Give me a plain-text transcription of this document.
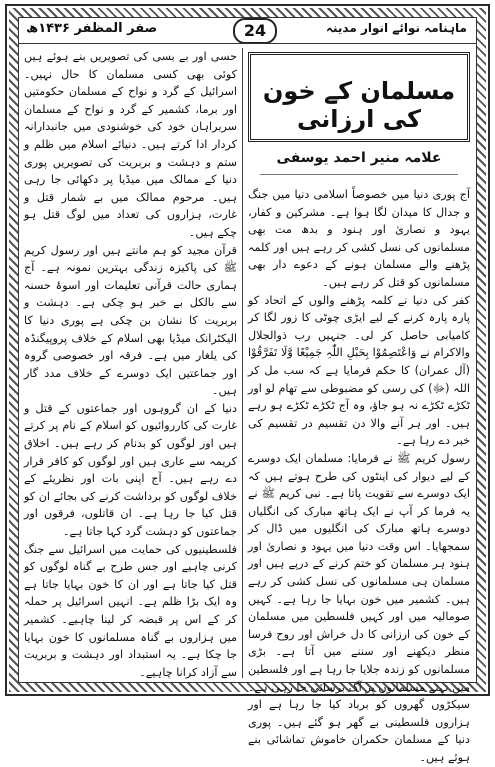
صفر المظفر ۱۴۳۶ھ	24	ماہنامہ نوائے انوار مدینہ
مسلمان کے خون کی ارزانی
علامہ منیر احمد یوسفی

آج پوری دنیا میں خصوصاً اسلامی دنیا میں جنگ و جدال کا میدان لگا ہوا ہے۔ مشرکین و کفار، یہود و نصاریٰ اور ہنود و بدھ مت بھی مسلمانوں کی نسل کشی کر رہے ہیں اور کلمہ پڑھنے والے مسلمان ہونے کے دعوے دار بھی مسلمانوں کو قتل کر رہے ہیں۔

کفر کی دنیا نے کلمہ پڑھنے والوں کے اتحاد کو پارہ پارہ کرنے کے لیے ایڑی چوٹی کا زور لگا کر کامیابی حاصل کر لی۔ جنہیں رب ذوالجلال والاکرام نے وَاعْتَصِمُوْا بِحَبْلِ اللّٰہِ جَمِیْعًا وَّلَا تَفَرَّقُوْا (آل عمران) کا حکم فرمایا ہے کہ سب مل کر اللہ (ﷻ) کی رسی کو مضبوطی سے تھام لو اور ٹکڑے ٹکڑے نہ ہو جاؤ، وہ آج ٹکڑے ٹکڑے ہو رہے ہیں۔ اور ہر آنے والا دن تقسیم در تقسیم کی خبر دے رہا ہے۔

رسول کریم ﷺ نے فرمایا: مسلمان ایک دوسرے کے لیے دیوار کی اینٹوں کی طرح ہوتے ہیں کہ ایک دوسرے سے تقویت پاتا ہے۔ نبی کریم ﷺ نے یہ فرما کر آپ نے ایک ہاتھ مبارک کی انگلیاں دوسرے ہاتھ مبارک کی انگلیوں میں ڈال کر سمجھایا۔ اس وقت دنیا میں یہود و نصاریٰ اور ہنود ہر مسلمان کو ختم کرنے کے درپے ہیں اور مسلمان ہی مسلمانوں کی نسل کشی کر رہے ہیں۔ کشمیر میں خون بہایا جا رہا ہے۔ کہیں صومالیہ میں اور کہیں فلسطین میں مسلمان کے خون کی ارزانی کا دل خراش اور روح فرسا منظر دیکھنے اور سننے میں آتا ہے۔ بڑی مسلمانوں کو زندہ جلایا جا رہا ہے اور فلسطین میں نہتے مسلمانوں پر آگ برسائی جا رہی ہے۔ سیکڑوں گھروں کو برباد کیا جا رہا ہے اور ہزاروں فلسطینی بے گھر ہو گئے ہیں۔ پوری دنیا کے مسلمان حکمران خاموش تماشائی بنے ہوئے ہیں۔

حسی اور بے بسی کی تصویریں بنے ہوئے ہیں کوئی بھی کسی مسلمان کا حال نہیں۔ اسرائیل کے گرد و نواح کے مسلمان حکومتیں اور برما، کشمیر کے گرد و نواح کے مسلمان سربراہان خود کی خوشنودی میں جانبدارانہ کردار ادا کرتے ہیں۔ دنیائے اسلام میں ظلم و ستم و دہشت و بربریت کی تصویریں پوری دنیا کے ممالک میں میڈیا پر دکھائی جا رہی ہیں۔ مرحوم ممالک میں بے شمار قتل و غارت، ہزاروں کی تعداد میں لوگ قتل ہو چکے ہیں۔

قرآن مجید کو ہم مانتے ہیں اور رسول کریم ﷺ کی پاکیزہ زندگی بہترین نمونہ ہے۔ آج ہماری حالت قرآنی تعلیمات اور اسوۂ حسنہ سے بالکل بے خبر ہو چکی ہے۔ دہشت و بربریت کا نشان بن چکی ہے پوری دنیا کا الیکٹرانک میڈیا بھی اسلام کے خلاف پروپیگنڈہ کی یلغار میں ہے۔ فرقہ اور خصوصی گروہ اور جماعتیں ایک دوسرے کے خلاف مدد گار ہیں۔

دنیا کے ان گروہوں اور جماعتوں کے قتل و غارت کی کارروائیوں کو اسلام کے نام پر کرتے ہیں اور لوگوں کو بدنام کر رہے ہیں۔ اخلاق کریمہ سے عاری ہیں اور لوگوں کو کافر قرار دے رہے ہیں۔ آج اپنی بات اور نظریئے کے خلاف لوگوں کو برداشت کرنے کی بجائے ان کو قتل کیا جا رہا ہے۔ ان قاتلوں، فرقوں اور جماعتوں کو دہشت گرد کہا جاتا ہے۔

فلسطینیوں کی حمایت میں اسرائیل سے جنگ کرنی چاہیے اور جس طرح بے گناہ لوگوں کو قتل کیا جاتا ہے اور ان کا خون بہایا جاتا ہے وہ ایک بڑا ظلم ہے۔ انہیں اسرائیل پر حملہ کر کے اس پر قبضہ کر لینا چاہیے۔ کشمیر میں ہزاروں بے گناہ مسلمانوں کا خون بہایا جا چکا ہے۔ یہ استبداد اور دہشت و بربریت سے آزاد کرانا چاہیے۔
